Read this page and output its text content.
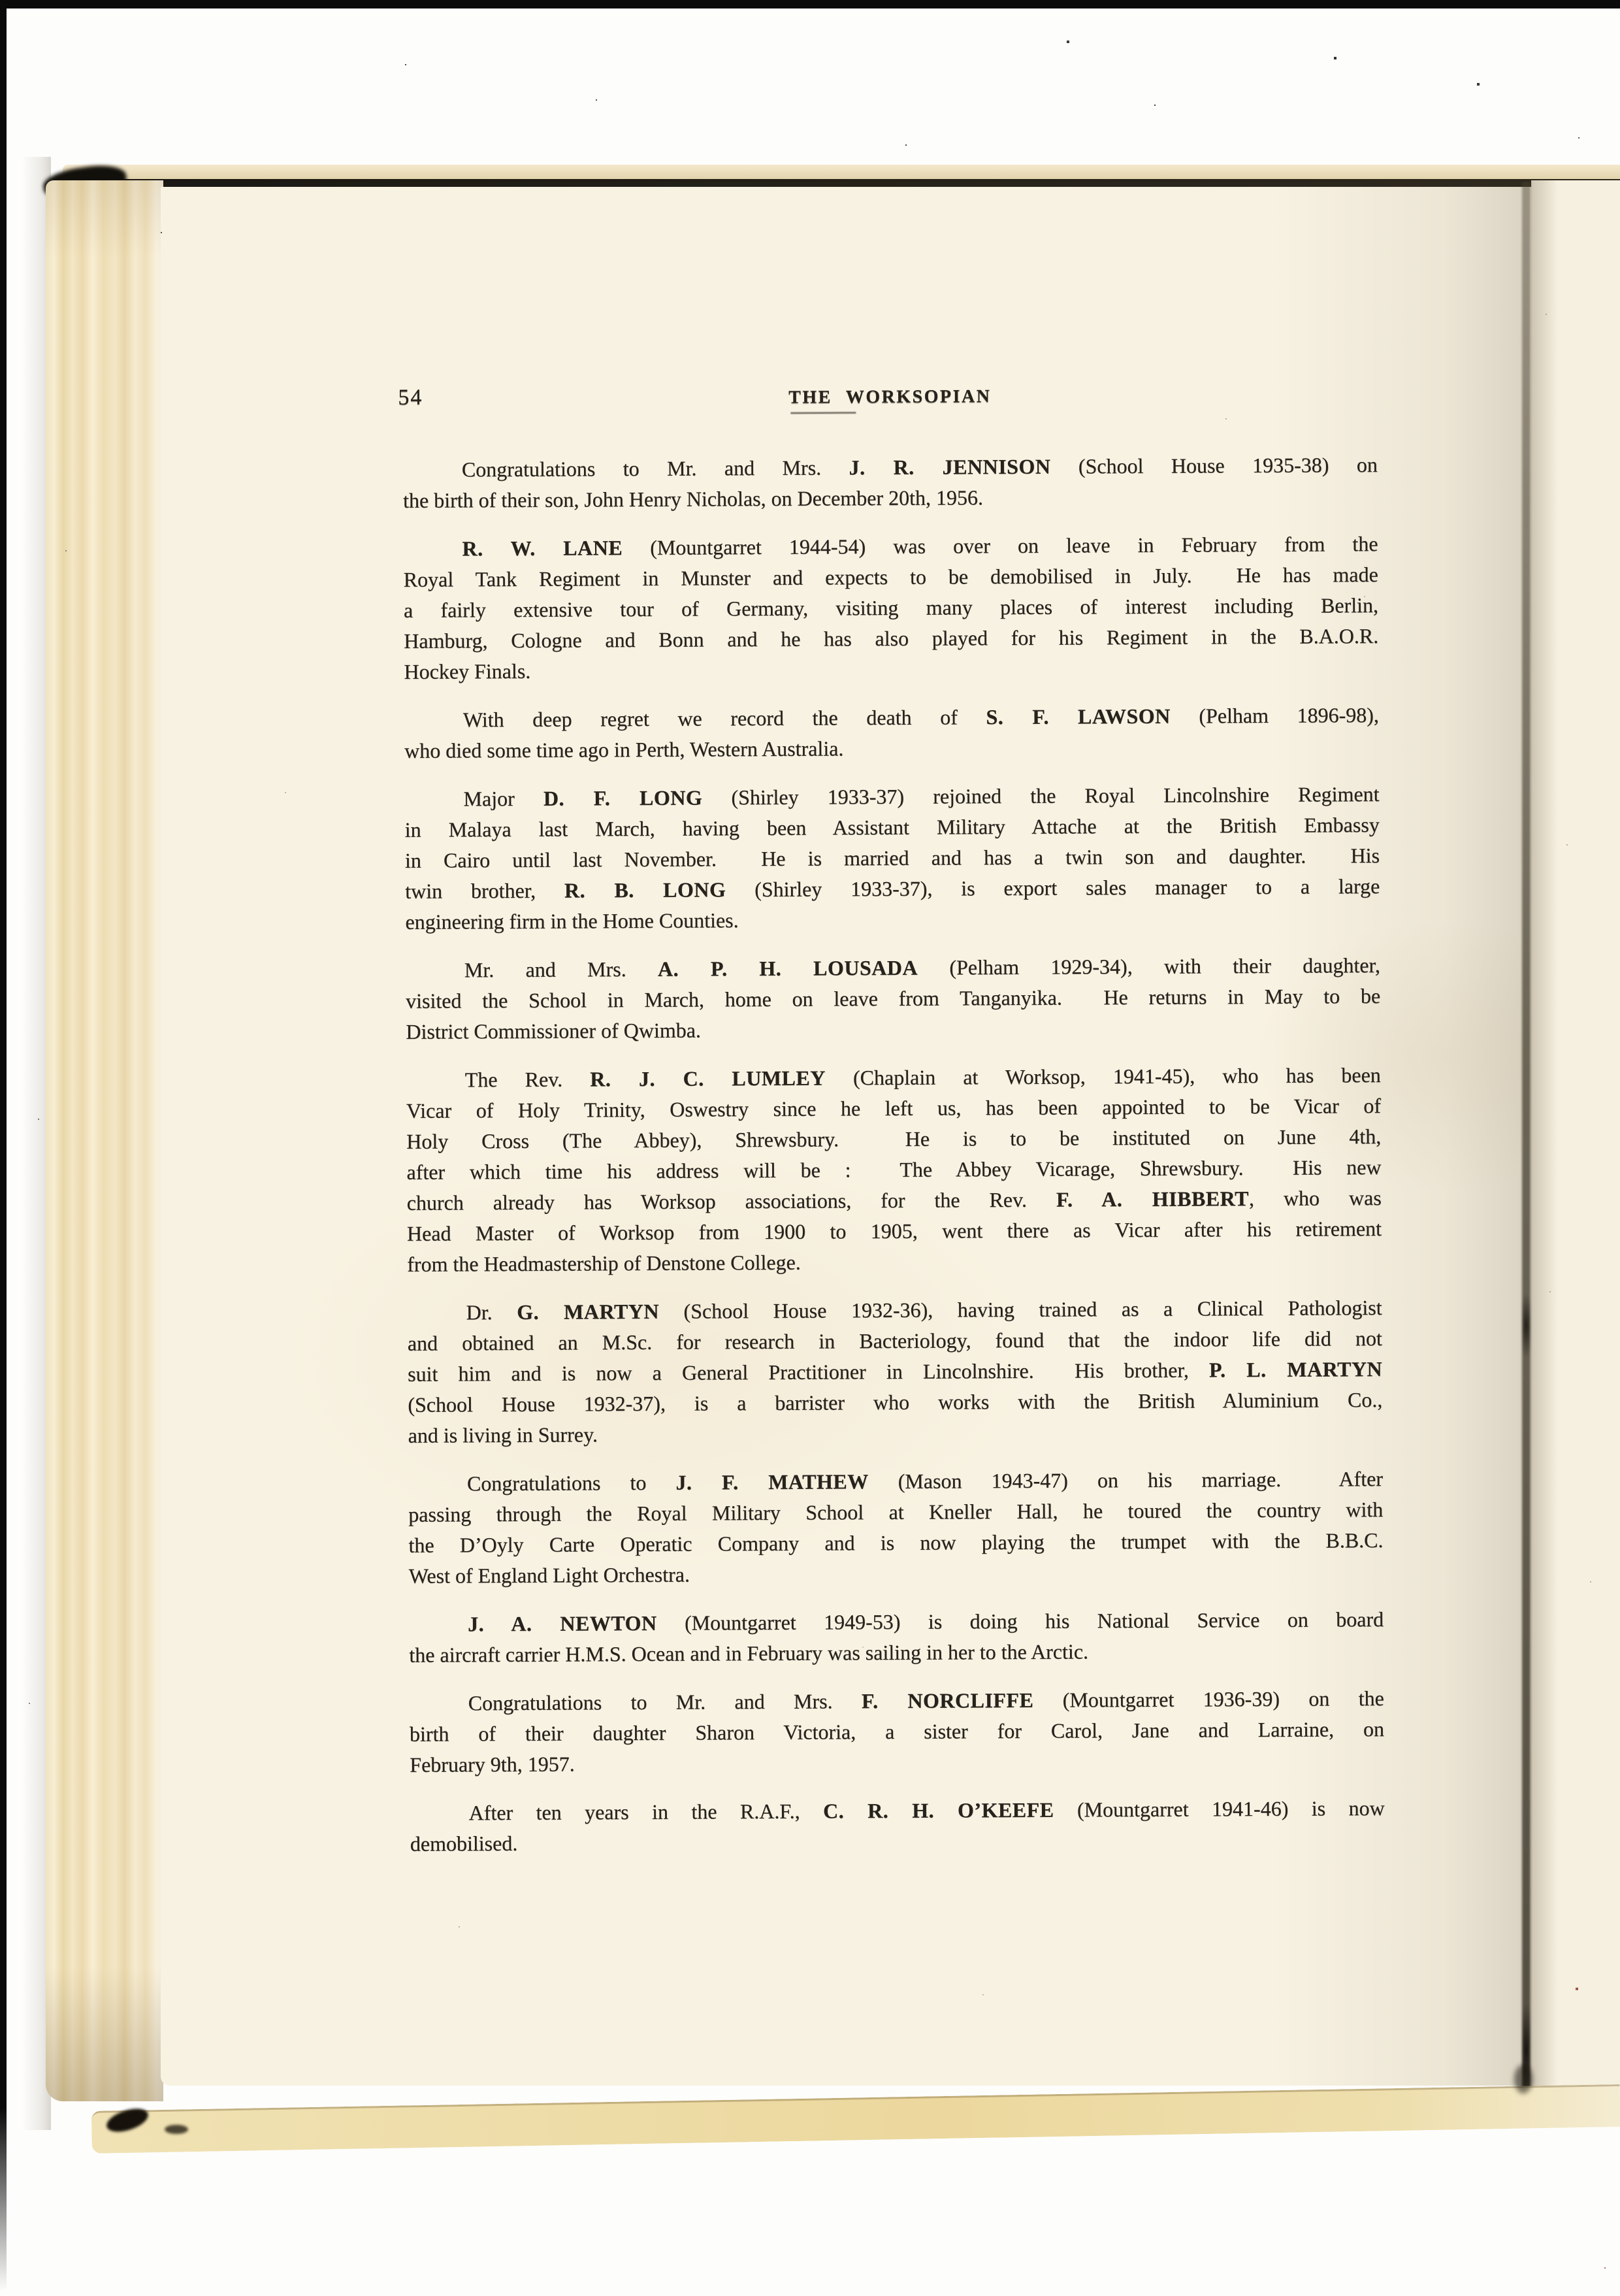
54	THE WORKSOPIAN
Congratulations to Mr. and Mrs. J. R. JENNISON (School House 1935-38) on
the birth of their son, John Henry Nicholas, on December 20th, 1956.
R. W. LANE (Mountgarret 1944-54) was over on leave in February from the
Royal Tank Regiment in Munster and expects to be demobilised in July.  He has made
a fairly extensive tour of Germany, visiting many places of interest including Berlin,
Hamburg, Cologne and Bonn and he has also played for his Regiment in the B.A.O.R.
Hockey Finals.
With deep regret we record the death of S. F. LAWSON (Pelham 1896-98),
who died some time ago in Perth, Western Australia.
Major D. F. LONG (Shirley 1933-37) rejoined the Royal Lincolnshire Regiment
in Malaya last March, having been Assistant Military Attache at the British Embassy
in Cairo until last November.  He is married and has a twin son and daughter.  His
twin brother, R. B. LONG (Shirley 1933-37), is export sales manager to a large
engineering firm in the Home Counties.
Mr. and Mrs. A. P. H. LOUSADA (Pelham 1929-34), with their daughter,
visited the School in March, home on leave from Tanganyika.  He returns in May to be
District Commissioner of Qwimba.
The Rev. R. J. C. LUMLEY (Chaplain at Worksop, 1941-45), who has been
Vicar of Holy Trinity, Oswestry since he left us, has been appointed to be Vicar of
Holy Cross (The Abbey), Shrewsbury.  He is to be instituted on June 4th,
after which time his address will be :  The Abbey Vicarage, Shrewsbury.  His new
church already has Worksop associations, for the Rev. F. A. HIBBERT, who was
Head Master of Worksop from 1900 to 1905, went there as Vicar after his retirement
from the Headmastership of Denstone College.
Dr. G. MARTYN (School House 1932-36), having trained as a Clinical Pathologist
and obtained an M.Sc. for research in Bacteriology, found that the indoor life did not
suit him and is now a General Practitioner in Lincolnshire.  His brother, P. L. MARTYN
(School House 1932-37), is a barrister who works with the British Aluminium Co.,
and is living in Surrey.
Congratulations to J. F. MATHEW (Mason 1943-47) on his marriage.  After
passing through the Royal Military School at Kneller Hall, he toured the country with
the D’Oyly Carte Operatic Company and is now playing the trumpet with the B.B.C.
West of England Light Orchestra.
J. A. NEWTON (Mountgarret 1949-53) is doing his National Service on board
the aircraft carrier H.M.S. Ocean and in February was sailing in her to the Arctic.
Congratulations to Mr. and Mrs. F. NORCLIFFE (Mountgarret 1936-39) on the
birth of their daughter Sharon Victoria, a sister for Carol, Jane and Larraine, on
February 9th, 1957.
After ten years in the R.A.F., C. R. H. O’KEEFE (Mountgarret 1941-46) is now
demobilised.
